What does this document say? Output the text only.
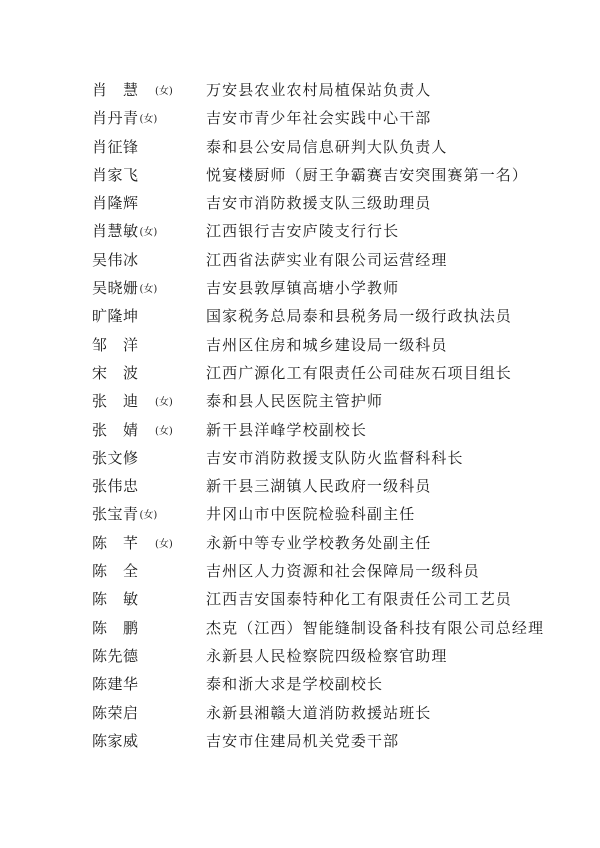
肖慧(女) 万安县农业农村局植保站负责人
肖丹青(女)	吉安市青少年社会实践中心干部
肖征锋	泰和县公安局信息研判大队负责人
肖家飞	悦宴楼厨师（厨王争霸赛吉安突围赛第一名）
肖隆辉	吉安市消防救援支队三级助理员
肖慧敏(女)	江西银行吉安庐陵支行行长
吴伟冰	江西省法萨实业有限公司运营经理
吴晓姗(女)	吉安县敦厚镇高塘小学教师
旷隆坤	国家税务总局泰和县税务局一级行政执法员
邹洋	吉州区住房和城乡建设局一级科员
宋波	江西广源化工有限责任公司硅灰石项目组长
张迪(女) 泰和县人民医院主管护师
张婧(女) 新干县洋峰学校副校长
张文修	吉安市消防救援支队防火监督科科长
张伟忠	新干县三湖镇人民政府一级科员
张宝青(女)	井冈山市中医院检验科副主任
陈芊(女) 永新中等专业学校教务处副主任
陈全	吉州区人力资源和社会保障局一级科员
陈敏	江西吉安国泰特种化工有限责任公司工艺员
陈鹏	杰克（江西）智能缝制设备科技有限公司总经理
陈先德	永新县人民检察院四级检察官助理
陈建华	泰和浙大求是学校副校长
陈荣启	永新县湘赣大道消防救援站班长
陈家威	吉安市住建局机关党委干部
